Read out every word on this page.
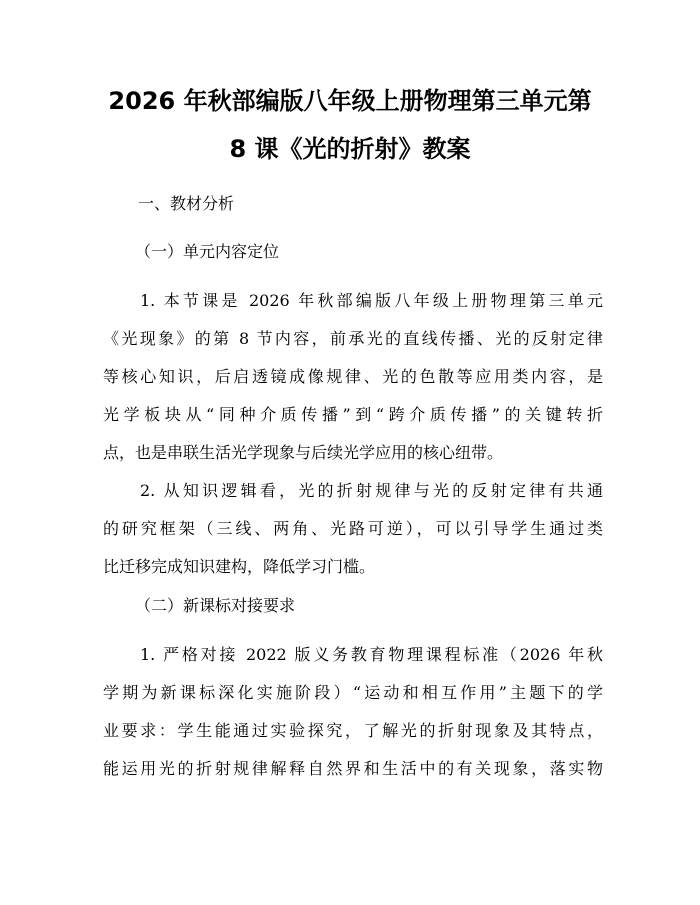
2026 年秋部编版八年级上册物理第三单元第
8 课《光的折射》教案
一、教材分析
（一）单元内容定位
1. 本节课是 2026 年秋部编版八年级上册物理第三单元
《光现象》的第 8 节内容，前承光的直线传播、光的反射定律
等核心知识，后启透镜成像规律、光的色散等应用类内容，是
光学板块从“同种介质传播”到“跨介质传播”的关键转折
点，也是串联生活光学现象与后续光学应用的核心纽带。
2. 从知识逻辑看，光的折射规律与光的反射定律有共通
的研究框架（三线、两角、光路可逆），可以引导学生通过类
比迁移完成知识建构，降低学习门槛。
（二）新课标对接要求
1. 严格对接 2022 版义务教育物理课程标准（2026 年秋
学期为新课标深化实施阶段）“运动和相互作用”主题下的学
业要求：学生能通过实验探究，了解光的折射现象及其特点，
能运用光的折射规律解释自然界和生活中的有关现象，落实物
